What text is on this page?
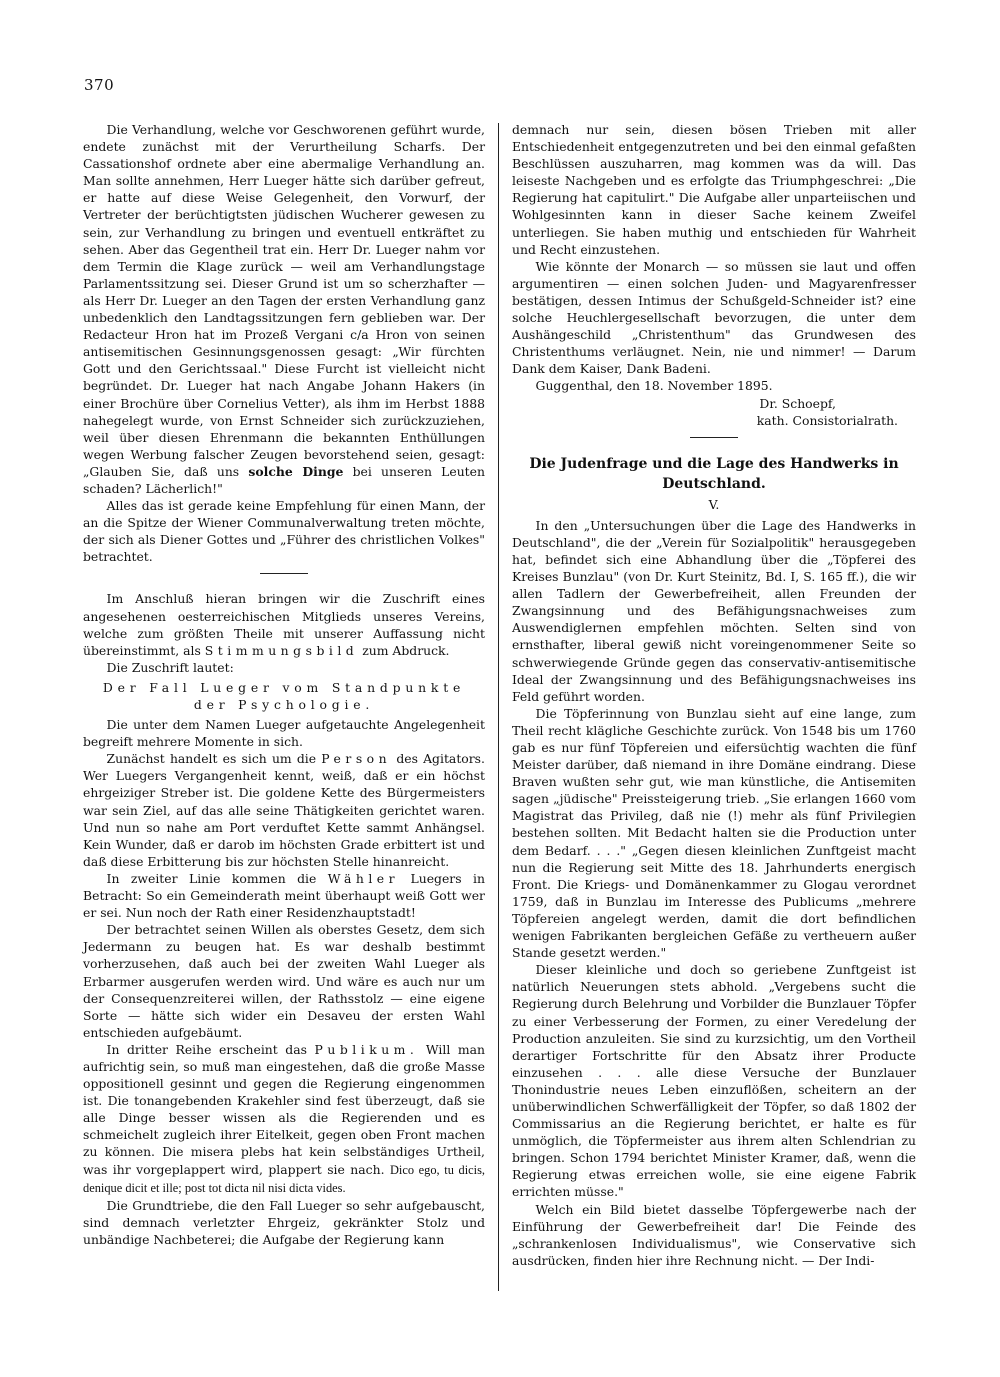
370

Die Verhandlung, welche vor Geschworenen geführt wurde, endete zunächst mit der Verurtheilung Scharfs. Der Cassationshof ordnete aber eine abermalige Verhandlung an. Man sollte annehmen, Herr Lueger hätte sich darüber gefreut, er hatte auf diese Weise Gelegenheit, den Vorwurf, der Vertreter der berüchtigtsten jüdischen Wucherer gewesen zu sein, zur Verhandlung zu bringen und eventuell entkräftet zu sehen. Aber das Gegentheil trat ein. Herr Dr. Lueger nahm vor dem Termin die Klage zurück — weil am Verhandlungstage Parlamentssitzung sei. Dieser Grund ist um so scherzhafter — als Herr Dr. Lueger an den Tagen der ersten Verhandlung ganz unbedenklich den Landtagssitzungen fern geblieben war. Der Redacteur Hron hat im Prozeß Vergani c/a Hron von seinen antisemitischen Gesinnungsgenossen gesagt: „Wir fürchten Gott und den Gerichtssaal." Diese Furcht ist vielleicht nicht begründet. Dr. Lueger hat nach Angabe Johann Hakers (in einer Brochüre über Cornelius Vetter), als ihm im Herbst 1888 nahegelegt wurde, von Ernst Schneider sich zurückzuziehen, weil über diesen Ehrenmann die bekannten Enthüllungen wegen Werbung falscher Zeugen bevorstehend seien, gesagt: „Glauben Sie, daß uns solche Dinge bei unseren Leuten schaden? Lächerlich!"

Alles das ist gerade keine Empfehlung für einen Mann, der an die Spitze der Wiener Communalverwaltung treten möchte, der sich als Diener Gottes und „Führer des christlichen Volkes" betrachtet.

Im Anschluß hieran bringen wir die Zuschrift eines angesehenen oesterreichischen Mitglieds unseres Vereins, welche zum größten Theile mit unserer Auffassung nicht übereinstimmt, als Stimmungsbild zum Abdruck.

Die Zuschrift lautet:

Der Fall Lueger vom Standpunkte der Psychologie.

Die unter dem Namen Lueger aufgetauchte Angelegenheit begreift mehrere Momente in sich.

Zunächst handelt es sich um die Person des Agitators. Wer Luegers Vergangenheit kennt, weiß, daß er ein höchst ehrgeiziger Streber ist. Die goldene Kette des Bürgermeisters war sein Ziel, auf das alle seine Thätigkeiten gerichtet waren. Und nun so nahe am Port verduftet Kette sammt Anhängsel. Kein Wunder, daß er darob im höchsten Grade erbittert ist und daß diese Erbitterung bis zur höchsten Stelle hinanreicht.

In zweiter Linie kommen die Wähler Luegers in Betracht: So ein Gemeinderath meint überhaupt weiß Gott wer er sei. Nun noch der Rath einer Residenzhauptstadt!

Der betrachtet seinen Willen als oberstes Gesetz, dem sich Jedermann zu beugen hat. Es war deshalb bestimmt vorherzusehen, daß auch bei der zweiten Wahl Lueger als Erbarmer ausgerufen werden wird. Und wäre es auch nur um der Consequenzreiterei willen, der Rathsstolz — eine eigene Sorte — hätte sich wider ein Desaveu der ersten Wahl entschieden aufgebäumt.

In dritter Reihe erscheint das Publikum. Will man aufrichtig sein, so muß man eingestehen, daß die große Masse oppositionell gesinnt und gegen die Regierung eingenommen ist. Die tonangebenden Krakehler sind fest überzeugt, daß sie alle Dinge besser wissen als die Regierenden und es schmeichelt zugleich ihrer Eitelkeit, gegen oben Front machen zu können. Die misera plebs hat kein selbständiges Urtheil, was ihr vorgeplappert wird, plappert sie nach. Dico ego, tu dicis, denique dicit et ille; post tot dicta nil nisi dicta vides.

Die Grundtriebe, die den Fall Lueger so sehr aufgebauscht, sind demnach verletzter Ehrgeiz, gekränkter Stolz und unbändige Nachbeterei; die Aufgabe der Regierung kann

demnach nur sein, diesen bösen Trieben mit aller Entschiedenheit entgegenzutreten und bei den einmal gefaßten Beschlüssen auszuharren, mag kommen was da will. Das leiseste Nachgeben und es erfolgte das Triumphgeschrei: „Die Regierung hat capitulirt." Die Aufgabe aller unparteiischen und Wohlgesinnten kann in dieser Sache keinem Zweifel unterliegen. Sie haben muthig und entschieden für Wahrheit und Recht einzustehen.

Wie könnte der Monarch — so müssen sie laut und offen argumentiren — einen solchen Juden- und Magyarenfresser bestätigen, dessen Intimus der Schußgeld-Schneider ist? eine solche Heuchlergesellschaft bevorzugen, die unter dem Aushängeschild „Christenthum" das Grundwesen des Christenthums verläugnet. Nein, nie und nimmer! — Darum Dank dem Kaiser, Dank Badeni.

Guggenthal, den 18. November 1895.

Dr. Schoepf,

kath. Consistorialrath.

Die Judenfrage und die Lage des Handwerks in Deutschland.

V.

In den „Untersuchungen über die Lage des Handwerks in Deutschland", die der „Verein für Sozialpolitik" herausgegeben hat, befindet sich eine Abhandlung über die „Töpferei des Kreises Bunzlau" (von Dr. Kurt Steinitz, Bd. I, S. 165 ff.), die wir allen Tadlern der Gewerbefreiheit, allen Freunden der Zwangsinnung und des Befähigungsnachweises zum Auswendiglernen empfehlen möchten. Selten sind von ernsthafter, liberal gewiß nicht voreingenommener Seite so schwerwiegende Gründe gegen das conservativ-antisemitische Ideal der Zwangsinnung und des Befähigungsnachweises ins Feld geführt worden.

Die Töpferinnung von Bunzlau sieht auf eine lange, zum Theil recht klägliche Geschichte zurück. Von 1548 bis um 1760 gab es nur fünf Töpfereien und eifersüchtig wachten die fünf Meister darüber, daß niemand in ihre Domäne eindrang. Diese Braven wußten sehr gut, wie man künstliche, die Antisemiten sagen „jüdische" Preissteigerung trieb. „Sie erlangen 1660 vom Magistrat das Privileg, daß nie (!) mehr als fünf Privilegien bestehen sollten. Mit Bedacht halten sie die Production unter dem Bedarf. . . ." „Gegen diesen kleinlichen Zunftgeist macht nun die Regierung seit Mitte des 18. Jahrhunderts energisch Front. Die Kriegs- und Domänenkammer zu Glogau verordnet 1759, daß in Bunzlau im Interesse des Publicums „mehrere Töpfereien angelegt werden, damit die dort befindlichen wenigen Fabrikanten bergleichen Gefäße zu vertheuern außer Stande gesetzt werden."

Dieser kleinliche und doch so geriebene Zunftgeist ist natürlich Neuerungen stets abhold. „Vergebens sucht die Regierung durch Belehrung und Vorbilder die Bunzlauer Töpfer zu einer Verbesserung der Formen, zu einer Veredelung der Production anzuleiten. Sie sind zu kurzsichtig, um den Vortheil derartiger Fortschritte für den Absatz ihrer Producte einzusehen . . . alle diese Versuche der Bunzlauer Thonindustrie neues Leben einzuflößen, scheitern an der unüberwindlichen Schwerfälligkeit der Töpfer, so daß 1802 der Commissarius an die Regierung berichtet, er halte es für unmöglich, die Töpfermeister aus ihrem alten Schlendrian zu bringen. Schon 1794 berichtet Minister Kramer, daß, wenn die Regierung etwas erreichen wolle, sie eine eigene Fabrik errichten müsse."

Welch ein Bild bietet dasselbe Töpfergewerbe nach der Einführung der Gewerbefreiheit dar! Die Feinde des „schrankenlosen Individualismus", wie Conservative sich ausdrücken, finden hier ihre Rechnung nicht. — Der Indi-
